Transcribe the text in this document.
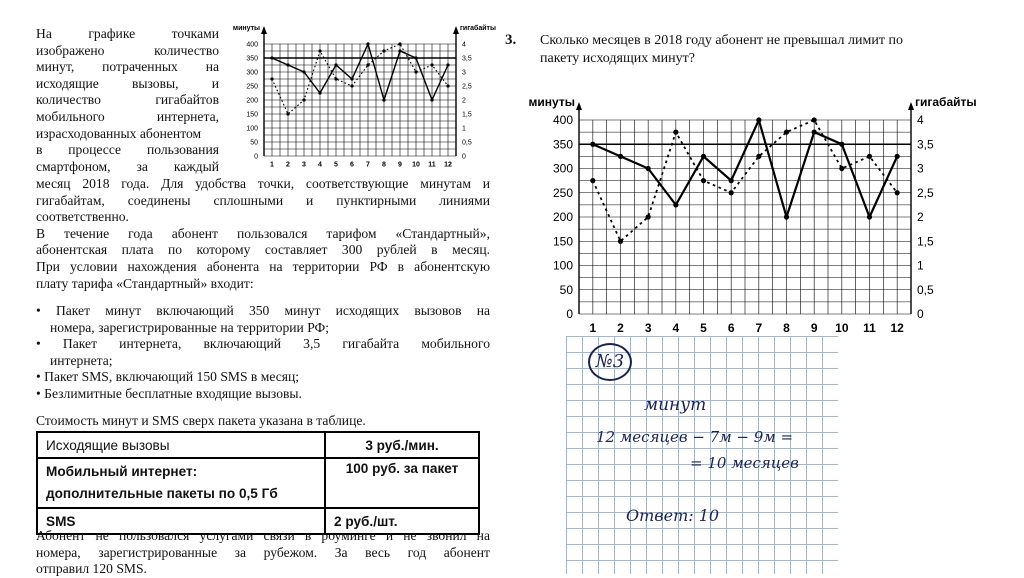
На	графике	точками
изображено	количество
минут, потраченных на
исходящие вызовы, и
количество	гигабайтов
мобильного	интернета,
израсходованных абонентом
в процессе пользования
смартфоном, за каждый
месяц 2018 года. Для удобства точки, соответствующие минутам и
гигабайтам, соединены сплошными и пунктирными линиями
соответственно.
В течение года абонент пользовался тарифом «Стандартный»,
абонентская плата по которому составляет 300 рублей в месяц.
При условии нахождения абонента на территории РФ в абонентскую
плату тарифа «Стандартный» входит:
• Пакет минут включающий 350 минут исходящих вызовов на
номера, зарегистрированные на территории РФ;
• Пакет интернета, включающий 3,5 гигабайта мобильного
интернета;
• Пакет SMS, включающий 150 SMS в месяц;
• Безлимитные бесплатные входящие вызовы.
Стоимость минут и SMS сверх пакета указана в таблице.
Исходящие вызовы	3 руб./мин.
Мобильный интернет: дополнительные пакеты по 0,5 Гб	100 руб. за пакет
SMS	2 руб./шт.
Абонент не пользовался услугами связи в роуминге и не звонил на
номера, зарегистрированные за рубежом. За весь год абонент
отправил 120 SMS.
минуты	гигабайты
0
50
100
150
200
250
300
350
400
0
0,5
1
1,5
2
2,5
3
3,5
4
1 2 3 4 5 6 7 8 9 10 11 12
3. Сколько месяцев в 2018 году абонент не превышал лимит по
пакету исходящих минут?
минуты	гигабайты
0
50
100
150
200
250
300
350
400
0
0,5
1
1,5
2
2,5
3
3,5
4
1 2 3 4 5 6 7 8 9 10 11 12
№3
минут
12 месяцев − 7м − 9м =
= 10 месяцев
Ответ: 10
